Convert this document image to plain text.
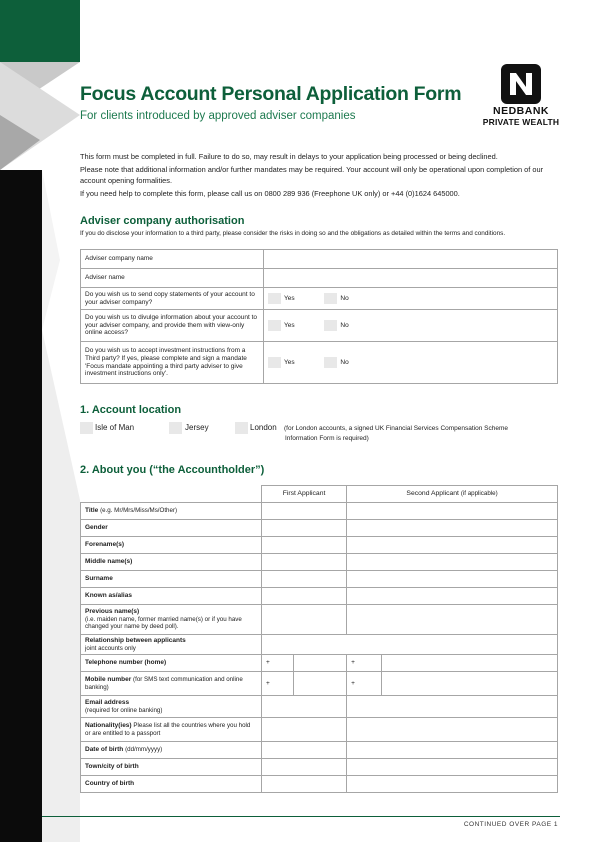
NEDBANK
PRIVATE WEALTH
Focus Account Personal Application Form
For clients introduced by approved adviser companies

This form must be completed in full. Failure to do so, may result in delays to your application being processed or being declined.

Please note that additional information and/or further mandates may be required. Your account will only be operational upon completion of our account opening formalities.

If you need help to complete this form, please call us on 0800 289 936 (Freephone UK only) or +44 (0)1624 645000.

Adviser company authorisation
If you do disclose your information to a third party, please consider the risks in doing so and the obligations as detailed within the terms and conditions.
Adviser company name	
Adviser name	
Do you wish us to send copy statements of your account to your adviser company?	Yes No
Do you wish us to divulge information about your account to your adviser company, and provide them with view-only online access?	Yes No
Do you wish us to accept investment instructions from a Third party? If yes, please complete and sign a mandate 'Focus mandate appointing a third party adviser to give investment instructions only'.	Yes No
1. Account location
Isle of Man	Jersey	London (for London accounts, a signed UK Financial Services Compensation Scheme
Information Form is required)
2. About you (“the Accountholder”)
	First Applicant		Second Applicant (if applicable)	
Title (e.g. Mr/Mrs/Miss/Ms/Other)				
Gender				
Forename(s)				
Middle name(s)				
Surname				
Known as/alias				
Previous name(s)
(i.e. maiden name, former married name(s) or if you have changed your name by deed poll).				
Relationship between applicants
joint accounts only				
Telephone number (home)	+		+	
Mobile number (for SMS text communication and online banking)	+		+	
Email address
(required for online banking)				
Nationality(ies) Please list all the countries where you hold or are entitled to a passport				
Date of birth (dd/mm/yyyy)				
Town/city of birth				
Country of birth				
CONTINUED OVER PAGE 1
